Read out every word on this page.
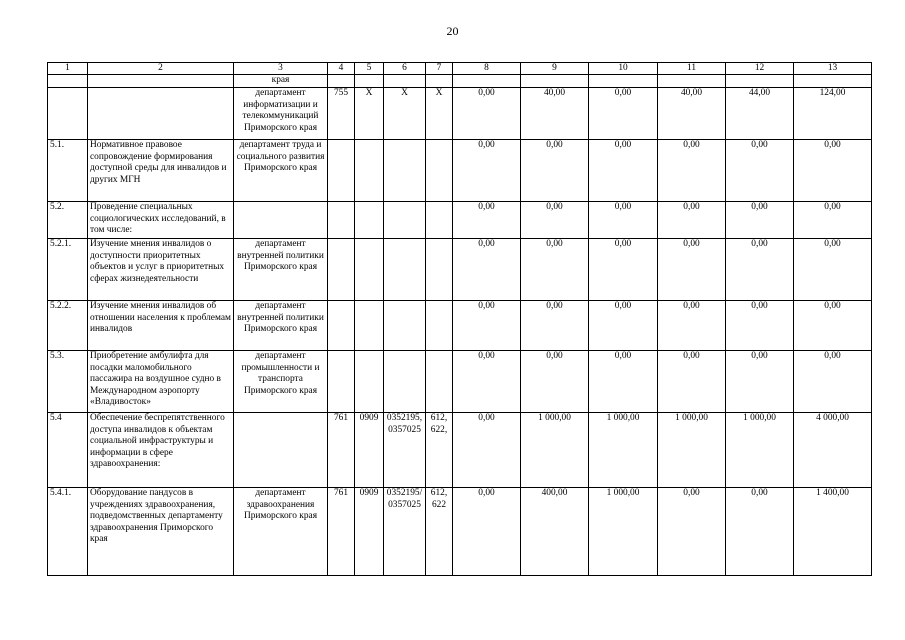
20
1	2	3	4	5	6	7	8	9	10	11	12	13
		края										
		департамент информатизации и телекоммуникаций Приморского края	755	Х	Х	Х	0,00	40,00	0,00	40,00	44,00	124,00
5.1.	Нормативное правовое сопровождение формирования доступной среды для инвалидов и других МГН	департамент труда и социального развития Приморского края					0,00	0,00	0,00	0,00	0,00	0,00
5.2.	Проведение специальных социологических исследований, в том числе:						0,00	0,00	0,00	0,00	0,00	0,00
5.2.1.	Изучение мнения инвалидов о доступности приоритетных объектов и услуг в приоритетных сферах жизнедеятельности	департамент внутренней политики Приморского края					0,00	0,00	0,00	0,00	0,00	0,00
5.2.2.	Изучение мнения инвалидов об отношении населения к проблемам инвалидов	департамент внутренней политики Приморского края					0,00	0,00	0,00	0,00	0,00	0,00
5.3.	Приобретение амбулифта для посадки маломобильного пассажира на воздушное судно в Международном аэропорту «Владивосток»	департамент промышленности и транспорта Приморского края					0,00	0,00	0,00	0,00	0,00	0,00
5.4	Обеспечение беспрепятственного доступа инвалидов к объектам социальной инфраструктуры и информации в сфере здравоохранения:		761	0909	0352195, 0357025	612, 622,	0,00	1 000,00	1 000,00	1 000,00	1 000,00	4 000,00
5.4.1.	Оборудование пандусов в учреждениях здравоохранения, подведомственных департаменту здравоохранения Приморского края	департамент здравоохранения Приморского края	761	0909	0352195/ 0357025	612, 622	0,00	400,00	1 000,00	0,00	0,00	1 400,00
